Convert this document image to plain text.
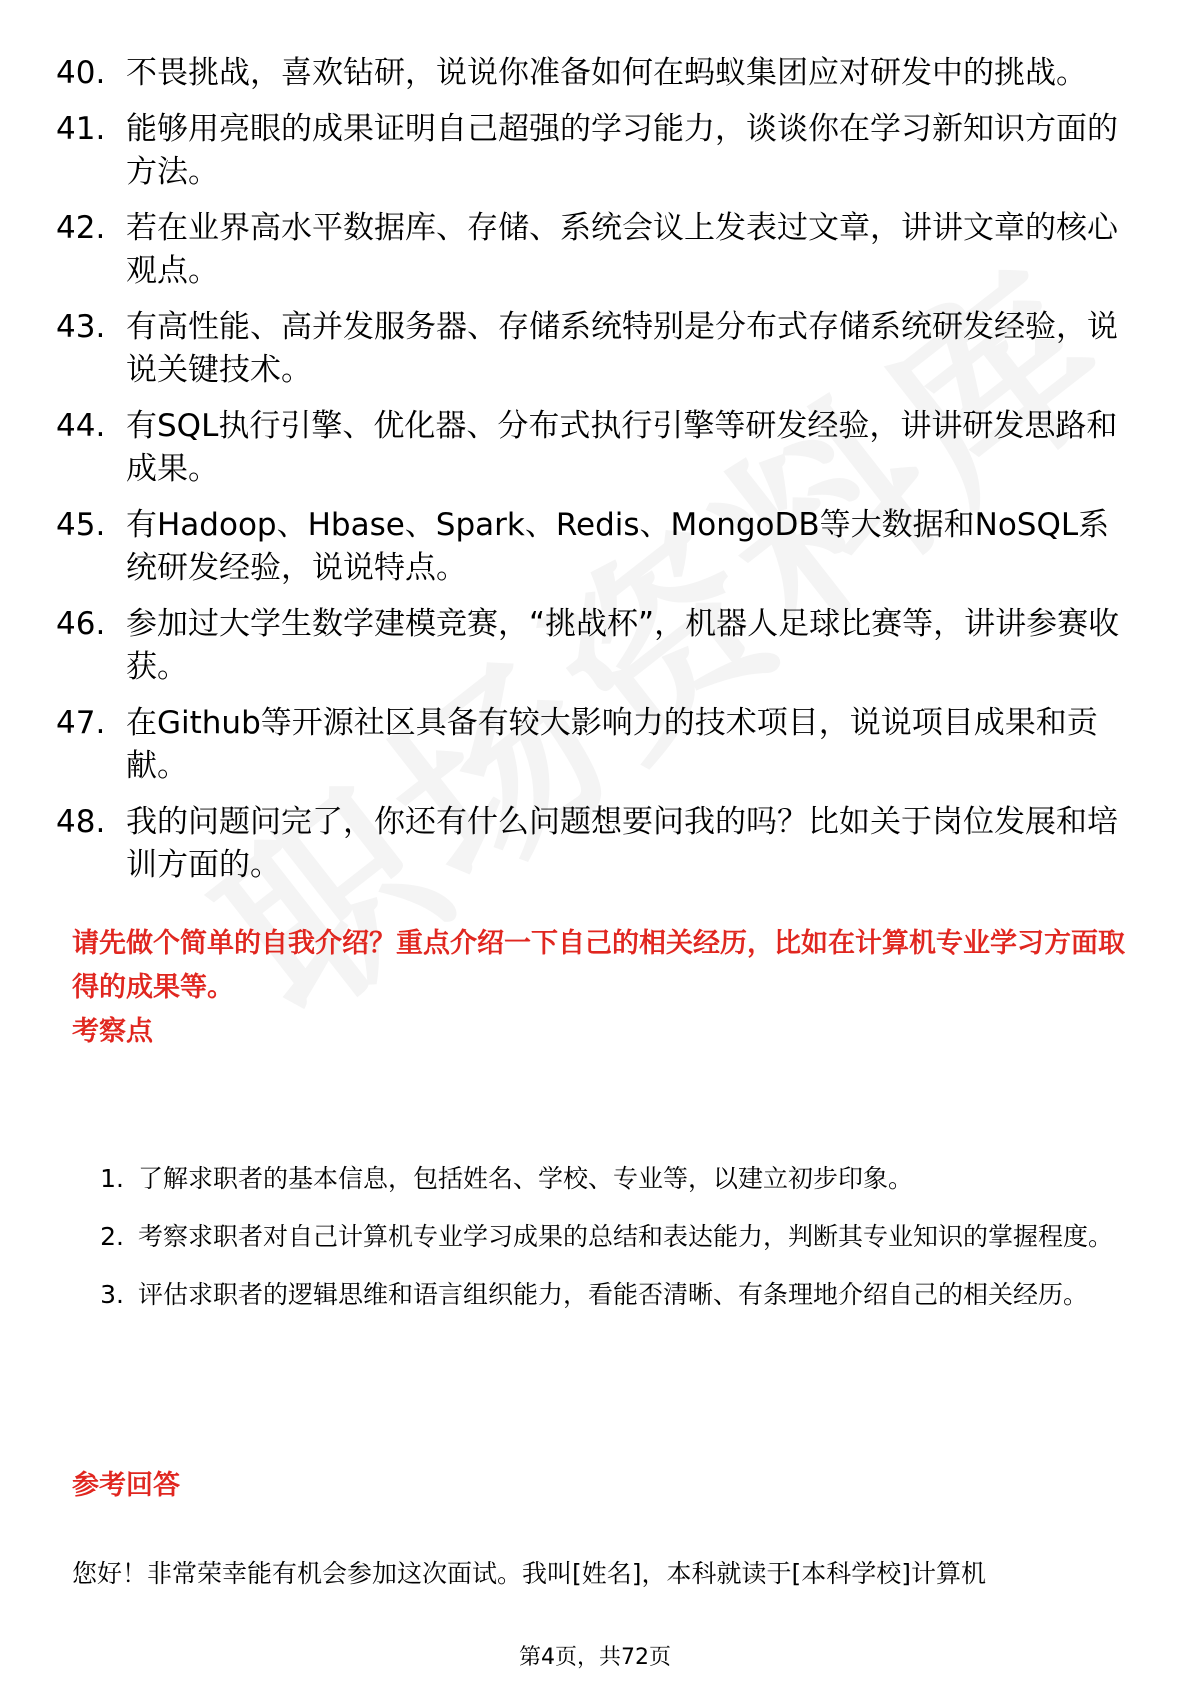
40. 不畏挑战，喜欢钻研，说说你准备如何在蚂蚁集团应对研发中的挑战。
41. 能够用亮眼的成果证明自己超强的学习能力，谈谈你在学习新知识方面的方法。
42. 若在业界高水平数据库、存储、系统会议上发表过文章，讲讲文章的核心观点。
43. 有高性能、高并发服务器、存储系统特别是分布式存储系统研发经验，说说关键技术。
44. 有SQL执行引擎、优化器、分布式执行引擎等研发经验，讲讲研发思路和成果。
45. 有Hadoop、Hbase、Spark、Redis、MongoDB等大数据和NoSQL系统研发经验，说说特点。
46. 参加过大学生数学建模竞赛，“挑战杯”，机器人足球比赛等，讲讲参赛收获。
47. 在Github等开源社区具备有较大影响力的技术项目，说说项目成果和贡献。
48. 我的问题问完了，你还有什么问题想要问我的吗？比如关于岗位发展和培训方面的。
请先做个简单的自我介绍？重点介绍一下自己的相关经历，比如在计算机专业学习方面取得的成果等。
考察点
1. 了解求职者的基本信息，包括姓名、学校、专业等，以建立初步印象。
2. 考察求职者对自己计算机专业学习成果的总结和表达能力，判断其专业知识的掌握程度。
3. 评估求职者的逻辑思维和语言组织能力，看能否清晰、有条理地介绍自己的相关经历。
参考回答
您好！非常荣幸能有机会参加这次面试。我叫[姓名]，本科就读于[本科学校]计算机
第4页，共72页
